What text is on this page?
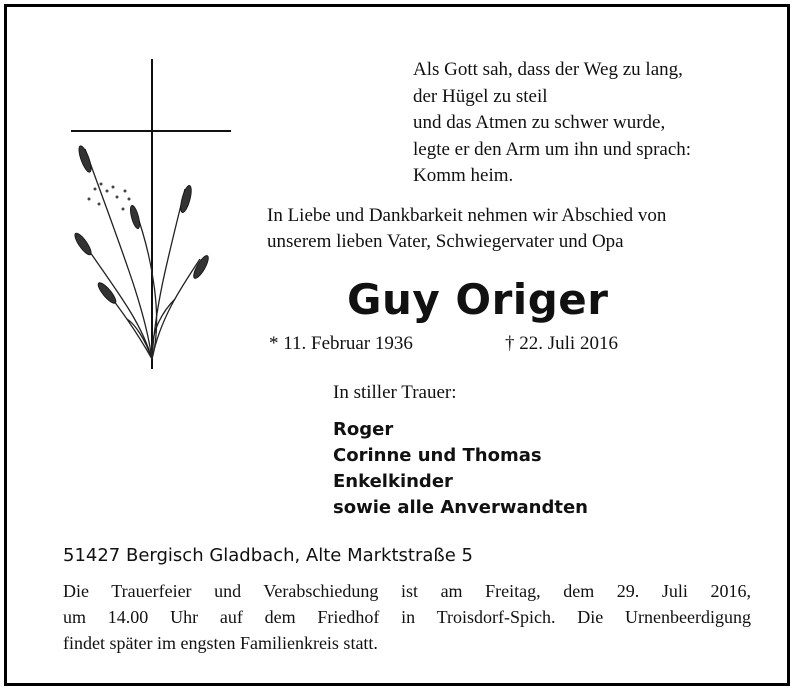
Als Gott sah, dass der Weg zu lang,
der Hügel zu steil
und das Atmen zu schwer wurde,
legte er den Arm um ihn und sprach:
Komm heim.
In Liebe und Dankbarkeit nehmen wir Abschied von
unserem lieben Vater, Schwiegervater und Opa
Guy Origer
* 11. Februar 1936	† 22. Juli 2016
In stiller Trauer:
Roger
Corinne und Thomas
Enkelkinder
sowie alle Anverwandten
51427 Bergisch Gladbach, Alte Marktstraße 5
Die Trauerfeier und Verabschiedung ist am Freitag, dem 29. Juli 2016,
um 14.00 Uhr auf dem Friedhof in Troisdorf-Spich. Die Urnenbeerdigung
findet später im engsten Familienkreis statt.
